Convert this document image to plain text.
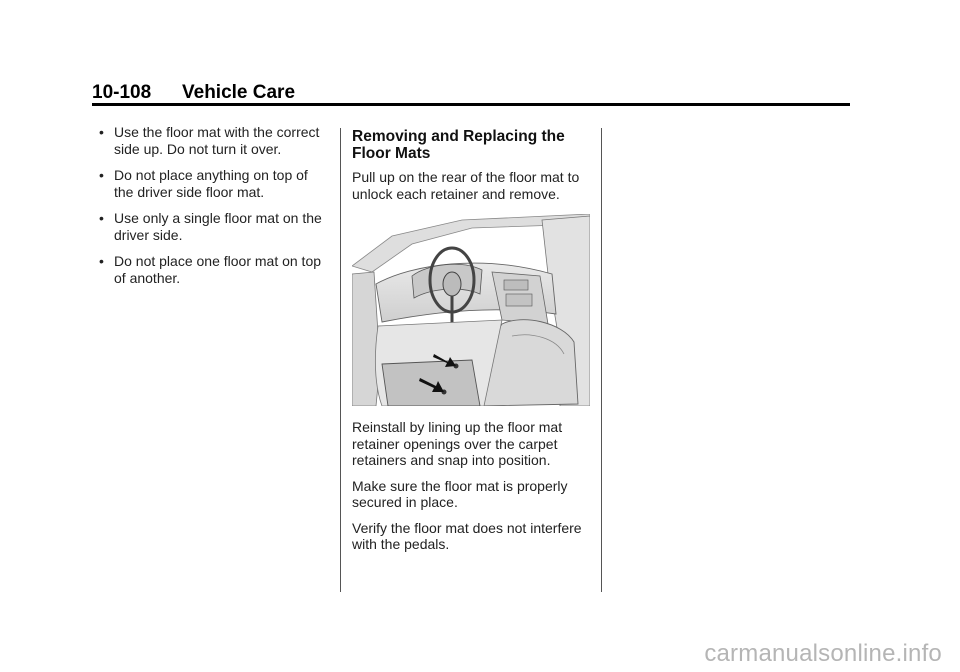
10-108 Vehicle Care
• Use the floor mat with the correct side up. Do not turn it over.
• Do not place anything on top of the driver side floor mat.
• Use only a single floor mat on the driver side.
• Do not place one floor mat on top of another.
Removing and Replacing the Floor Mats

Pull up on the rear of the floor mat to unlock each retainer and remove.

Reinstall by lining up the floor mat retainer openings over the carpet retainers and snap into position.

Make sure the floor mat is properly secured in place.

Verify the floor mat does not interfere with the pedals.

carmanualsonline.info
